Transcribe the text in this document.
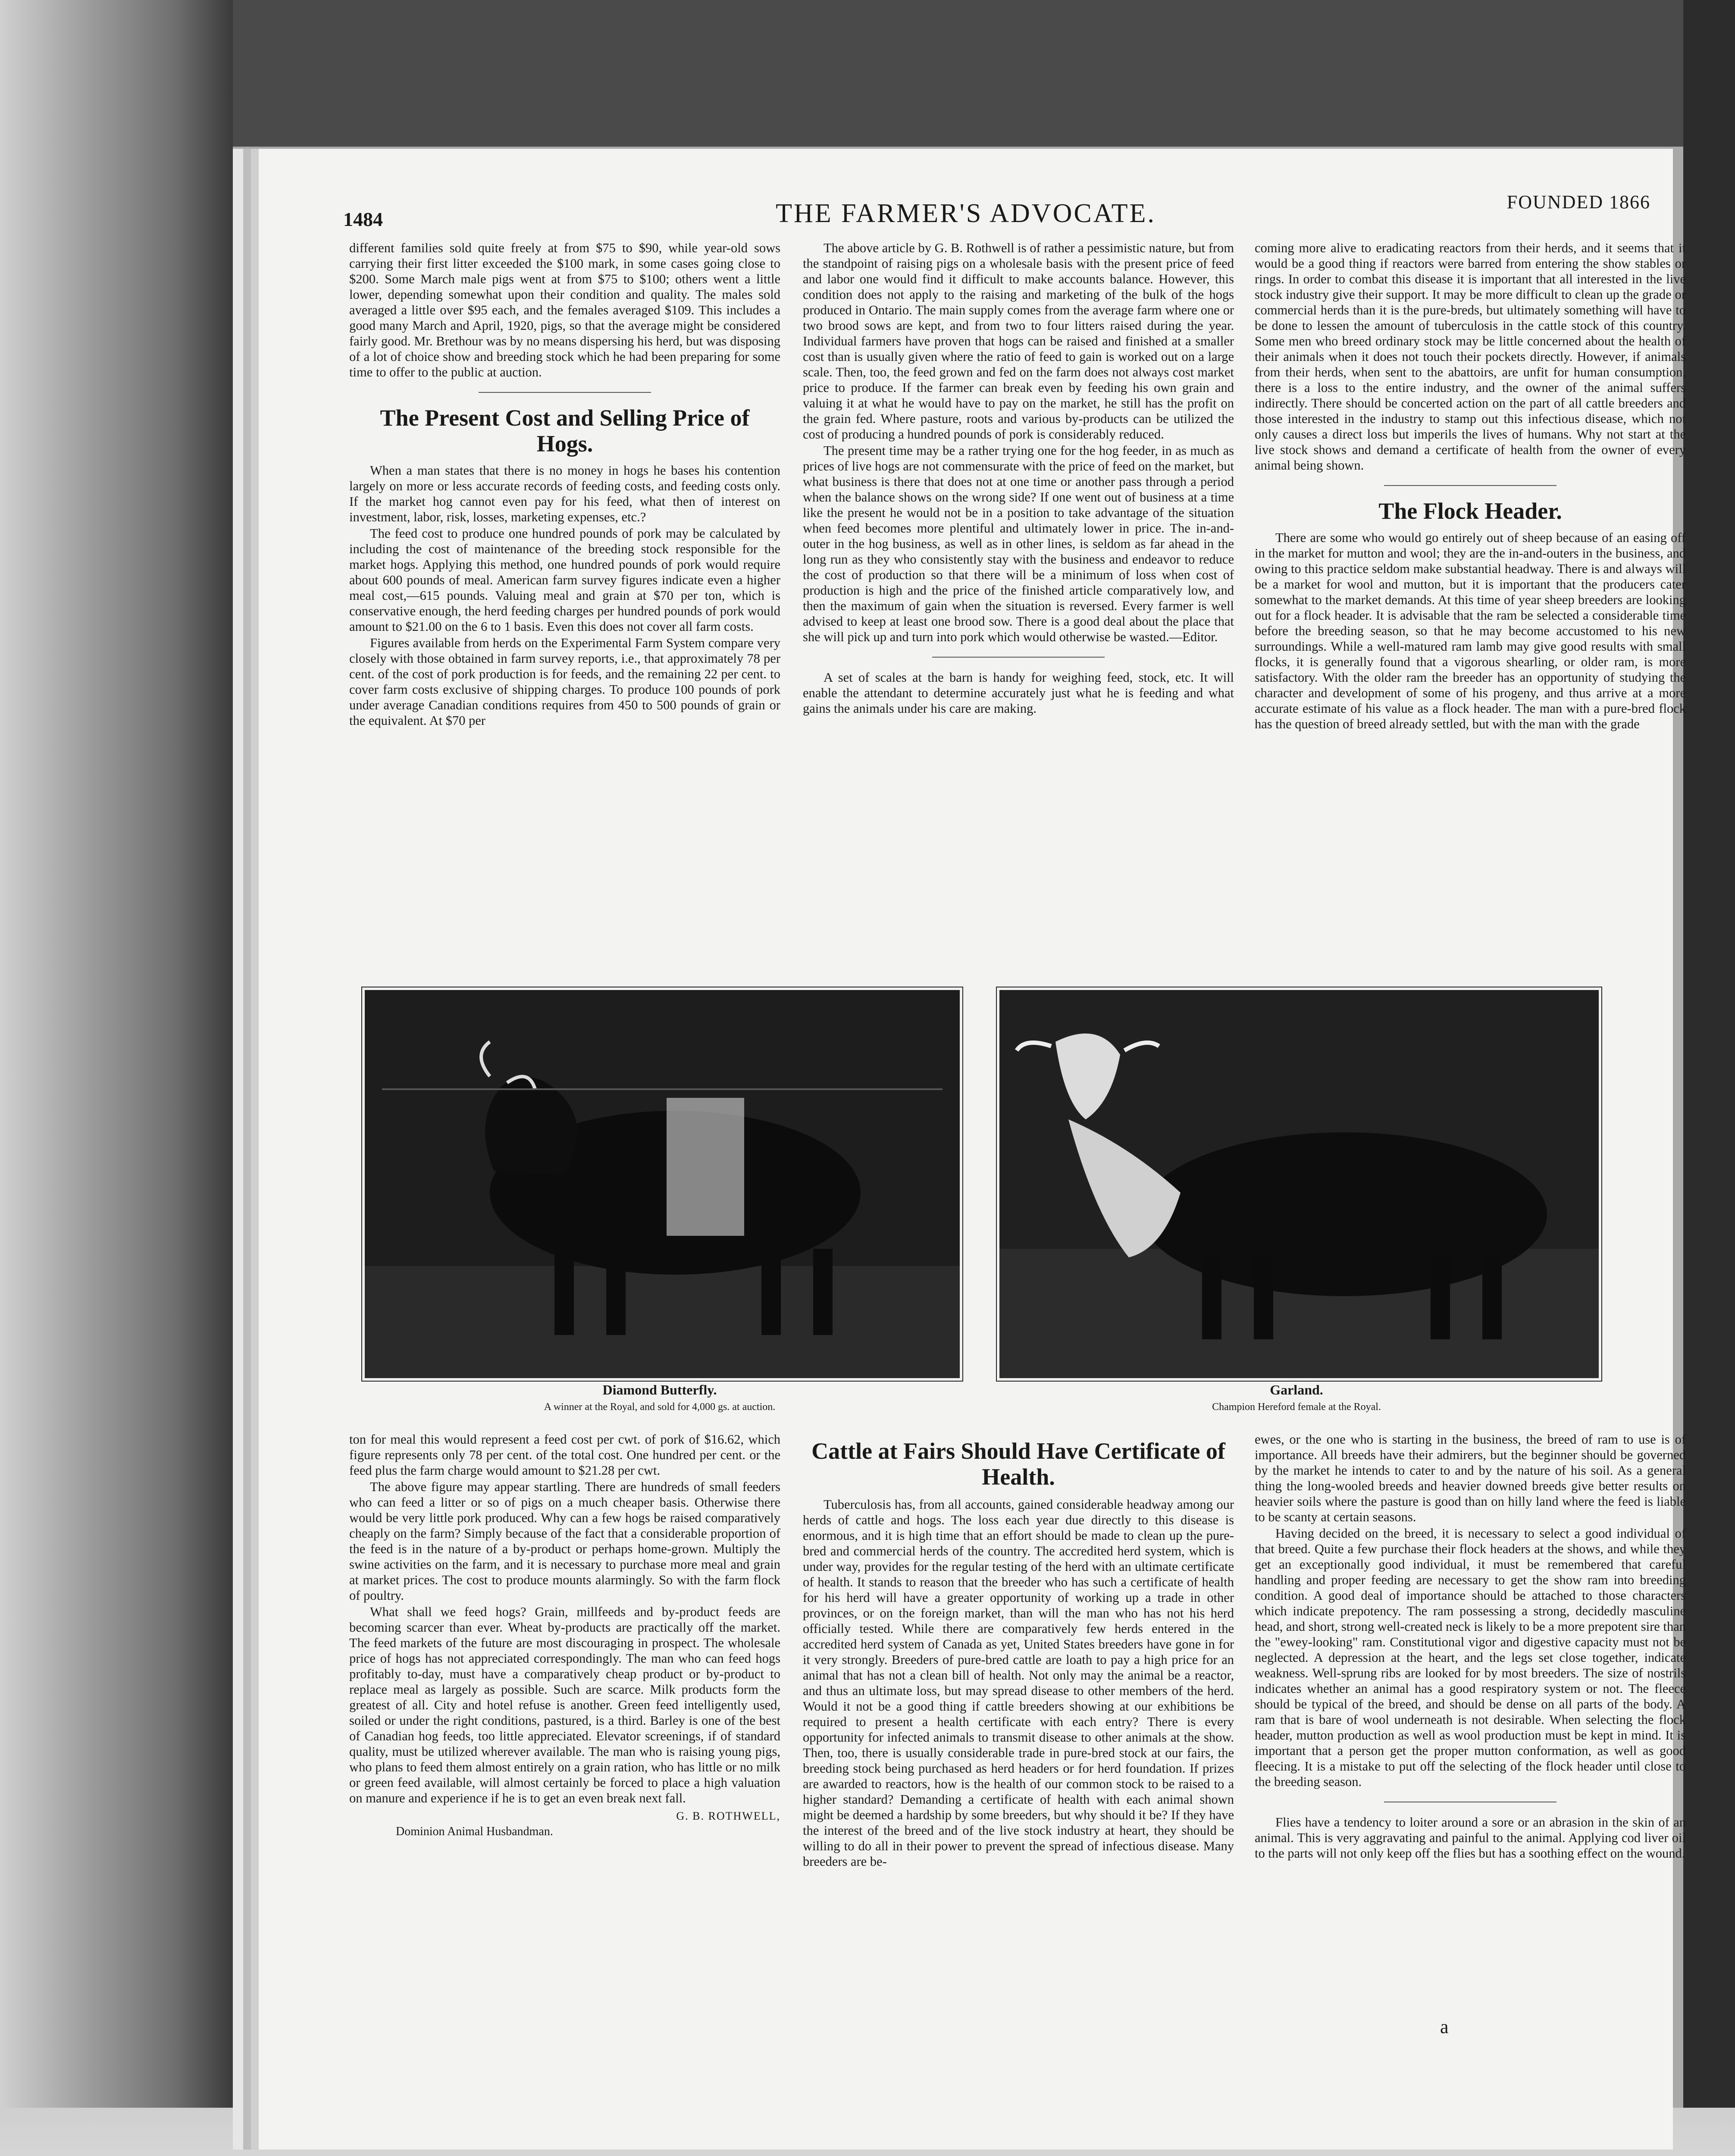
1484	THE FARMER'S ADVOCATE.	FOUNDED 1866

different families sold quite freely at from $75 to $90, while year-old sows carrying their first litter exceeded the $100 mark, in some cases going close to $200. Some March male pigs went at from $75 to $100; others went a little lower, depending somewhat upon their condition and quality. The males sold averaged a little over $95 each, and the females averaged $109. This includes a good many March and April, 1920, pigs, so that the average might be considered fairly good. Mr. Brethour was by no means dispersing his herd, but was disposing of a lot of choice show and breeding stock which he had been preparing for some time to offer to the public at auction.

The Present Cost and Selling Price of Hogs.

When a man states that there is no money in hogs he bases his contention largely on more or less accurate records of feeding costs, and feeding costs only. If the market hog cannot even pay for his feed, what then of interest on investment, labor, risk, losses, marketing expenses, etc.?

The feed cost to produce one hundred pounds of pork may be calculated by including the cost of maintenance of the breeding stock responsible for the market hogs. Applying this method, one hundred pounds of pork would require about 600 pounds of meal. American farm survey figures indicate even a higher meal cost,—615 pounds. Valuing meal and grain at $70 per ton, which is conservative enough, the herd feeding charges per hundred pounds of pork would amount to $21.00 on the 6 to 1 basis. Even this does not cover all farm costs.

Figures available from herds on the Experimental Farm System compare very closely with those obtained in farm survey reports, i.e., that approximately 78 per cent. of the cost of pork production is for feeds, and the remaining 22 per cent. to cover farm costs exclusive of shipping charges. To produce 100 pounds of pork under average Canadian conditions requires from 450 to 500 pounds of grain or the equivalent. At $70 per

The above article by G. B. Rothwell is of rather a pessimistic nature, but from the standpoint of raising pigs on a wholesale basis with the present price of feed and labor one would find it difficult to make accounts balance. However, this condition does not apply to the raising and marketing of the bulk of the hogs produced in Ontario. The main supply comes from the average farm where one or two brood sows are kept, and from two to four litters raised during the year. Individual farmers have proven that hogs can be raised and finished at a smaller cost than is usually given where the ratio of feed to gain is worked out on a large scale. Then, too, the feed grown and fed on the farm does not always cost market price to produce. If the farmer can break even by feeding his own grain and valuing it at what he would have to pay on the market, he still has the profit on the grain fed. Where pasture, roots and various by-products can be utilized the cost of producing a hundred pounds of pork is considerably reduced.

The present time may be a rather trying one for the hog feeder, in as much as prices of live hogs are not commensurate with the price of feed on the market, but what business is there that does not at one time or another pass through a period when the balance shows on the wrong side? If one went out of business at a time like the present he would not be in a position to take advantage of the situation when feed becomes more plentiful and ultimately lower in price. The in-and-outer in the hog business, as well as in other lines, is seldom as far ahead in the long run as they who consistently stay with the business and endeavor to reduce the cost of production so that there will be a minimum of loss when cost of production is high and the price of the finished article comparatively low, and then the maximum of gain when the situation is reversed. Every farmer is well advised to keep at least one brood sow. There is a good deal about the place that she will pick up and turn into pork which would otherwise be wasted.—Editor.

A set of scales at the barn is handy for weighing feed, stock, etc. It will enable the attendant to determine accurately just what he is feeding and what gains the animals under his care are making.

coming more alive to eradicating reactors from their herds, and it seems that it would be a good thing if reactors were barred from entering the show stables or rings. In order to combat this disease it is important that all interested in the live stock industry give their support. It may be more difficult to clean up the grade or commercial herds than it is the pure-breds, but ultimately something will have to be done to lessen the amount of tuberculosis in the cattle stock of this country. Some men who breed ordinary stock may be little concerned about the health of their animals when it does not touch their pockets directly. However, if animals from their herds, when sent to the abattoirs, are unfit for human consumption, there is a loss to the entire industry, and the owner of the animal suffers indirectly. There should be concerted action on the part of all cattle breeders and those interested in the industry to stamp out this infectious disease, which not only causes a direct loss but imperils the lives of humans. Why not start at the live stock shows and demand a certificate of health from the owner of every animal being shown.

The Flock Header.

There are some who would go entirely out of sheep because of an easing off in the market for mutton and wool; they are the in-and-outers in the business, and owing to this practice seldom make substantial headway. There is and always will be a market for wool and mutton, but it is important that the producers cater somewhat to the market demands. At this time of year sheep breeders are looking out for a flock header. It is advisable that the ram be selected a considerable time before the breeding season, so that he may become accustomed to his new surroundings. While a well-matured ram lamb may give good results with small flocks, it is generally found that a vigorous shearling, or older ram, is more satisfactory. With the older ram the breeder has an opportunity of studying the character and development of some of his progeny, and thus arrive at a more accurate estimate of his value as a flock header. The man with a pure-bred flock has the question of breed already settled, but with the man with the grade

Diamond Butterfly.
A winner at the Royal, and sold for 4,000 gs. at auction.
Garland.
Champion Hereford female at the Royal.

ton for meal this would represent a feed cost per cwt. of pork of $16.62, which figure represents only 78 per cent. of the total cost. One hundred per cent. or the feed plus the farm charge would amount to $21.28 per cwt.

The above figure may appear startling. There are hundreds of small feeders who can feed a litter or so of pigs on a much cheaper basis. Otherwise there would be very little pork produced. Why can a few hogs be raised comparatively cheaply on the farm? Simply because of the fact that a considerable proportion of the feed is in the nature of a by-product or perhaps home-grown. Multiply the swine activities on the farm, and it is necessary to purchase more meal and grain at market prices. The cost to produce mounts alarmingly. So with the farm flock of poultry.

What shall we feed hogs? Grain, millfeeds and by-product feeds are becoming scarcer than ever. Wheat by-products are practically off the market. The feed markets of the future are most discouraging in prospect. The wholesale price of hogs has not appreciated correspondingly. The man who can feed hogs profitably to-day, must have a comparatively cheap product or by-product to replace meal as largely as possible. Such are scarce. Milk products form the greatest of all. City and hotel refuse is another. Green feed intelligently used, soiled or under the right conditions, pastured, is a third. Barley is one of the best of Canadian hog feeds, too little appreciated. Elevator screenings, if of standard quality, must be utilized wherever available. The man who is raising young pigs, who plans to feed them almost entirely on a grain ration, who has little or no milk or green feed available, will almost certainly be forced to place a high valuation on manure and experience if he is to get an even break next fall.

G. B. ROTHWELL,

Dominion Animal Husbandman.

Cattle at Fairs Should Have Certificate of Health.

Tuberculosis has, from all accounts, gained considerable headway among our herds of cattle and hogs. The loss each year due directly to this disease is enormous, and it is high time that an effort should be made to clean up the pure-bred and commercial herds of the country. The accredited herd system, which is under way, provides for the regular testing of the herd with an ultimate certificate of health. It stands to reason that the breeder who has such a certificate of health for his herd will have a greater opportunity of working up a trade in other provinces, or on the foreign market, than will the man who has not his herd officially tested. While there are comparatively few herds entered in the accredited herd system of Canada as yet, United States breeders have gone in for it very strongly. Breeders of pure-bred cattle are loath to pay a high price for an animal that has not a clean bill of health. Not only may the animal be a reactor, and thus an ultimate loss, but may spread disease to other members of the herd. Would it not be a good thing if cattle breeders showing at our exhibitions be required to present a health certificate with each entry? There is every opportunity for infected animals to transmit disease to other animals at the show. Then, too, there is usually considerable trade in pure-bred stock at our fairs, the breeding stock being purchased as herd headers or for herd foundation. If prizes are awarded to reactors, how is the health of our common stock to be raised to a higher standard? Demanding a certificate of health with each animal shown might be deemed a hardship by some breeders, but why should it be? If they have the interest of the breed and of the live stock industry at heart, they should be willing to do all in their power to prevent the spread of infectious disease. Many breeders are be-

ewes, or the one who is starting in the business, the breed of ram to use is of importance. All breeds have their admirers, but the beginner should be governed by the market he intends to cater to and by the nature of his soil. As a general thing the long-wooled breeds and heavier downed breeds give better results on heavier soils where the pasture is good than on hilly land where the feed is liable to be scanty at certain seasons.

Having decided on the breed, it is necessary to select a good individual of that breed. Quite a few purchase their flock headers at the shows, and while they get an exceptionally good individual, it must be remembered that careful handling and proper feeding are necessary to get the show ram into breeding condition. A good deal of importance should be attached to those characters which indicate prepotency. The ram possessing a strong, decidedly masculine head, and short, strong well-created neck is likely to be a more prepotent sire than the "ewey-looking" ram. Constitutional vigor and digestive capacity must not be neglected. A depression at the heart, and the legs set close together, indicate weakness. Well-sprung ribs are looked for by most breeders. The size of nostrils indicates whether an animal has a good respiratory system or not. The fleece should be typical of the breed, and should be dense on all parts of the body. A ram that is bare of wool underneath is not desirable. When selecting the flock header, mutton production as well as wool production must be kept in mind. It is important that a person get the proper mutton conformation, as well as good fleecing. It is a mistake to put off the selecting of the flock header until close to the breeding season.

Flies have a tendency to loiter around a sore or an abrasion in the skin of an animal. This is very aggravating and painful to the animal. Applying cod liver oil to the parts will not only keep off the flies but has a soothing effect on the wound.

a
